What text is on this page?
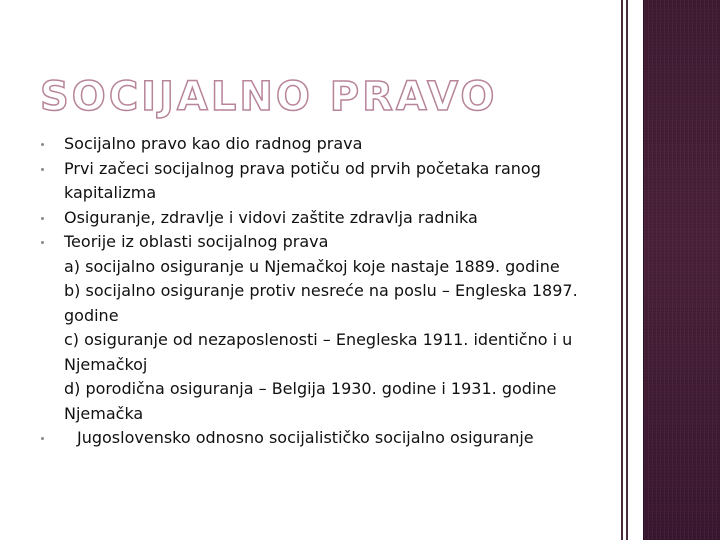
SOCIJALNO PRAVO
Socijalno pravo kao dio radnog prava
Prvi začeci socijalnog prava potiču od prvih početaka ranog kapitalizma
Osiguranje, zdravlje i vidovi zaštite zdravlja radnika
Teorije iz oblasti socijalnog prava
a) socijalno osiguranje u Njemačkoj koje nastaje 1889. godine
b) socijalno osiguranje protiv nesreće na poslu – Engleska 1897. godine
c) osiguranje od nezaposlenosti – Enegleska 1911. identično i u Njemačkoj
d) porodična osiguranja – Belgija 1930. godine i 1931. godine Njemačka
Jugoslovensko odnosno socijalističko socijalno osiguranje
